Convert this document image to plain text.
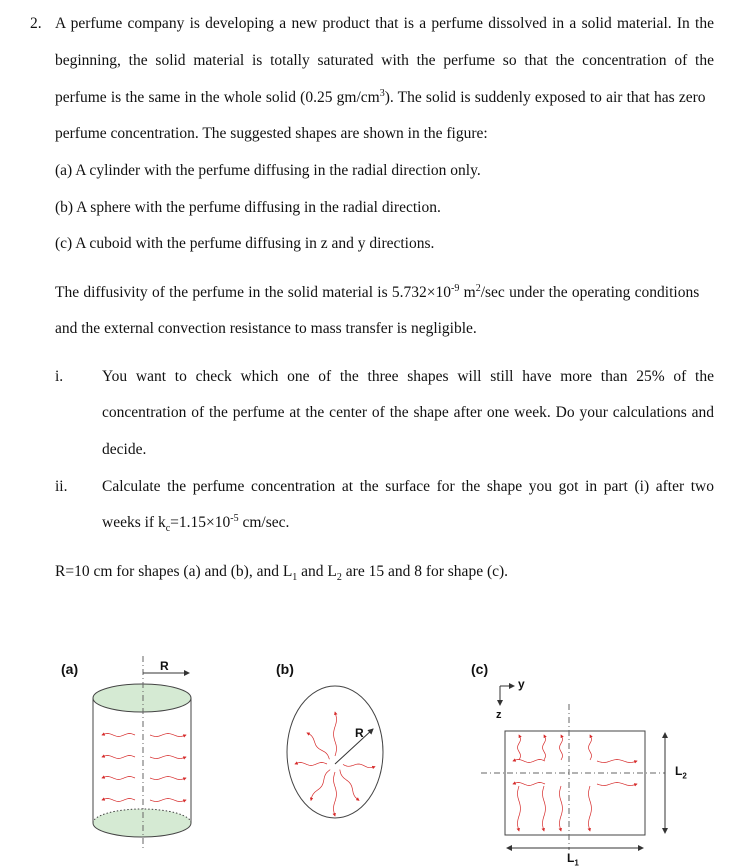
2. A perfume company is developing a new product that is a perfume dissolved in a solid material. In the
beginning, the solid material is totally saturated with the perfume so that the concentration of the
perfume is the same in the whole solid (0.25 $gm/cm^3$). The solid is suddenly exposed to air that has zero
perfume concentration. The suggested shapes are shown in the figure:
(a) A cylinder with the perfume diffusing in the radial direction only.
(b) A sphere with the perfume diffusing in the radial direction.
(c) A cuboid with the perfume diffusing in z and y directions.
The diffusivity of the perfume in the solid material is $5.732\times 10^{-9}$ $m^2/\sec$ under the operating conditions
and the external convection resistance to mass transfer is negligible.
i.	You want to check which one of the three shapes will still have more than 25% of the
concentration of the perfume at the center of the shape after one week. Do your calculations and
decide.
ii. Calculate the perfume concentration at the surface for the shape you got in part (i) after two
weeks if $k_c=1.15\times 10^{-5}$ cm/sec.
R=10 cm for shapes (a) and (b), and $L_1$ and $L_2$ are 15 and 8 for shape (c).
(a)	R	(b)
R
(c)
y
z
$L_2$
$L_1$
